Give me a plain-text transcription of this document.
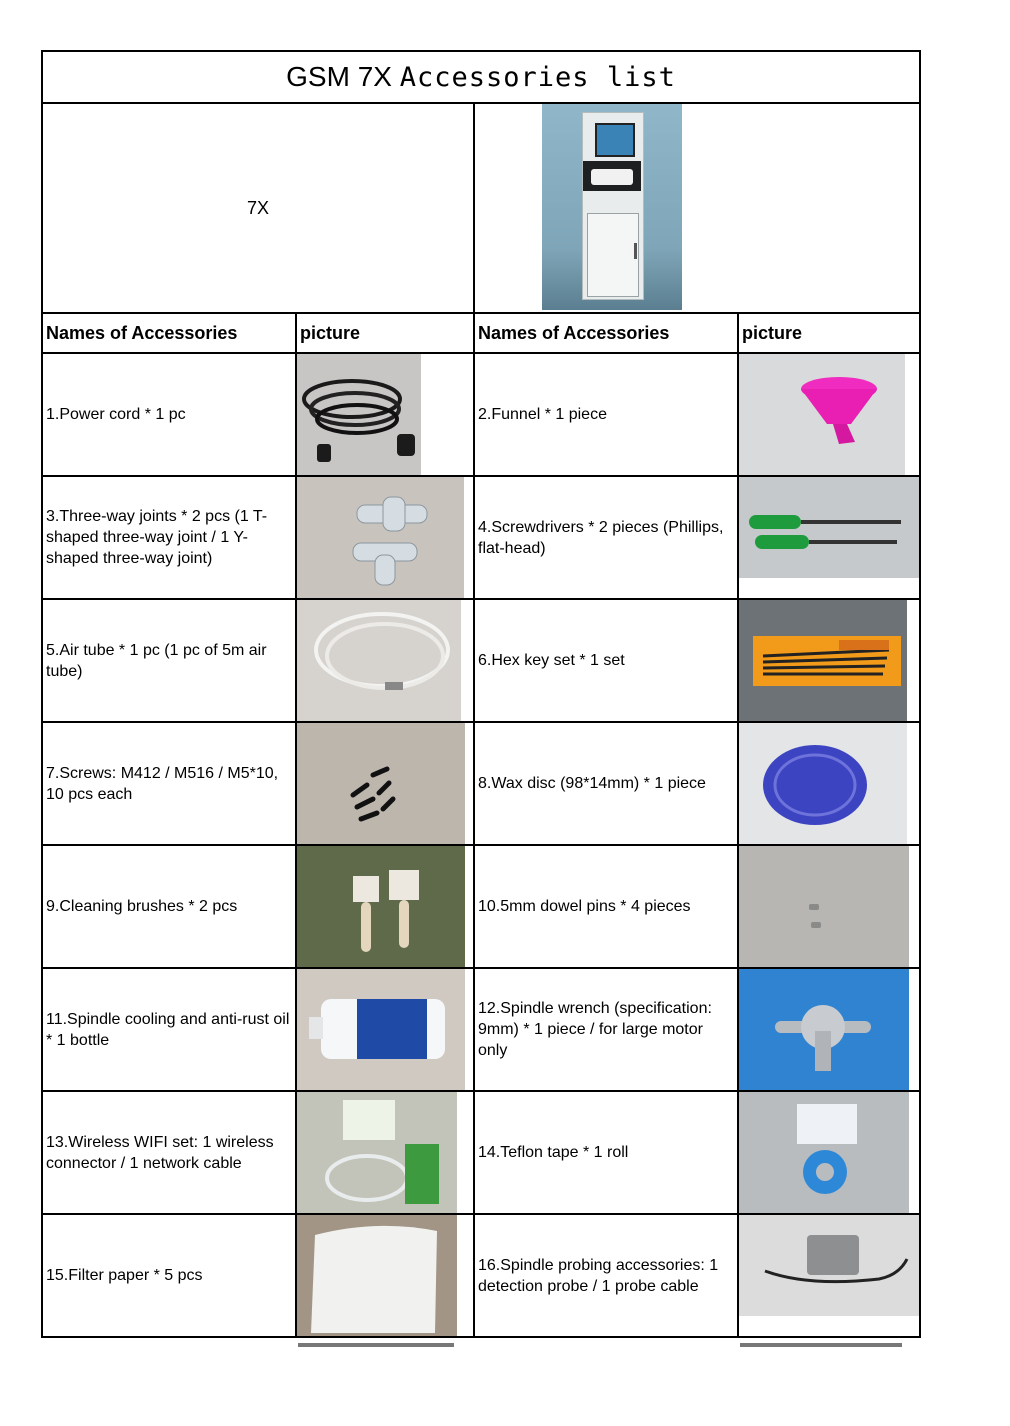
GSM 7X Accessories list			
7X			

Names of Accessories	picture	Names of Accessories	picture
1.Power cord * 1 pc		2.Funnel * 1 piece	

3.Three-way joints * 2 pcs (1 T-shaped three-way joint / 1 Y-shaped three-way joint)		4.Screwdrivers * 2 pieces (Phillips, flat-head)	

5.Air tube * 1 pc (1 pc of 5m air tube)		6.Hex key set * 1 set	

7.Screws: M412 / M516 / M5*10, 10 pcs each		8.Wax disc (98*14mm) * 1 piece	

9.Cleaning brushes * 2 pcs		10.5mm dowel pins * 4 pieces	

11.Spindle cooling and anti-rust oil * 1 bottle		12.Spindle wrench (specification: 9mm) * 1 piece / for large motor only	

13.Wireless WIFI set: 1 wireless connector / 1 network cable		14.Teflon tape * 1 roll	

15.Filter paper * 5 pcs		16.Spindle probing accessories: 1 detection probe / 1 probe cable	
